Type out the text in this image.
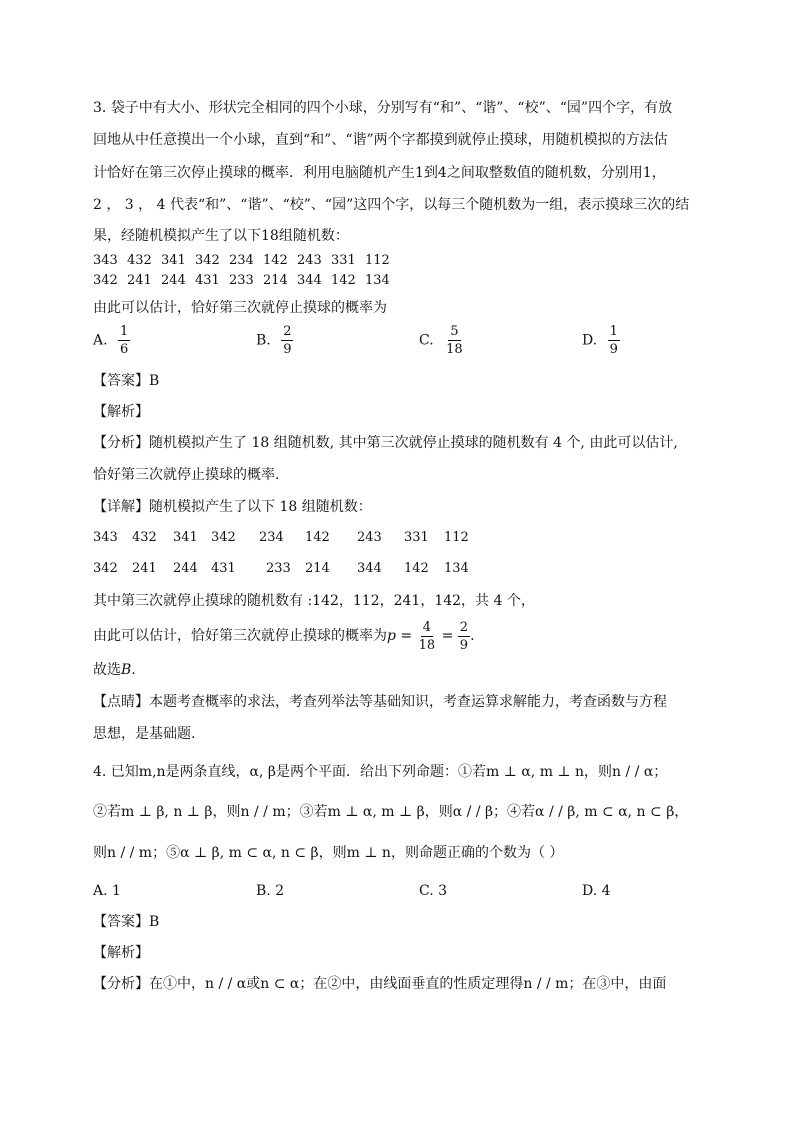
3. 袋子中有大小、形状完全相同的四个小球，分别写有“和”、“谐”、“校”、“园”四个字，有放
回地从中任意摸出一个小球，直到“和”、“谐”两个字都摸到就停止摸球，用随机模拟的方法估
计恰好在第三次停止摸球的概率．利用电脑随机产生1到4之间取整数值的随机数，分别用1，
2 ， 3 ， 4 代表“和”、“谐”、“校”、“园”这四个字，以每三个随机数为一组，表示摸球三次的结
果，经随机模拟产生了以下18组随机数：
343 432 341 342 234 142 243 331 112
342 241 244 431 233 214 344 142 134
由此可以估计，恰好第三次就停止摸球的概率为
A. $\frac{1}{6}$	B. $\frac{2}{9}$	C. $\frac{5}{18}$	D. $\frac{1}{9}$
【答案】B
【解析】
【分析】随机模拟产生了 18 组随机数, 其中第三次就停止摸球的随机数有 4 个, 由此可以估计,
恰好第三次就停止摸球的概率.
【详解】随机模拟产生了以下 18 组随机数：
343 432 341 342 234 142 243 331 112
342 241 244 431 233 214 344 142 134
其中第三次就停止摸球的随机数有 :142，112，241，142，共 4 个，
由此可以估计，恰好第三次就停止摸球的概率为$p = \frac{4}{18} = \frac{2}{9}$ .
故选B.
【点睛】本题考查概率的求法，考查列举法等基础知识，考查运算求解能力，考查函数与方程
思想，是基础题.
4. 已知m,n是两条直线，α, β是两个平面．给出下列命题：①若m ⊥ α, m ⊥ n，则n / / α；
②若m ⊥ β, n ⊥ β，则n / / m；③若m ⊥ α, m ⊥ β，则α / / β；④若α / / β, m ⊂ α, n ⊂ β，
则n / / m；⑤α ⊥ β, m ⊂ α, n ⊂ β，则m ⊥ n，则命题正确的个数为（ ）
A. 1	B. 2	C. 3	D. 4
【答案】B
【解析】
【分析】在①中，n / / α或n ⊂ α；在②中，由线面垂直的性质定理得n / / m；在③中，由面
